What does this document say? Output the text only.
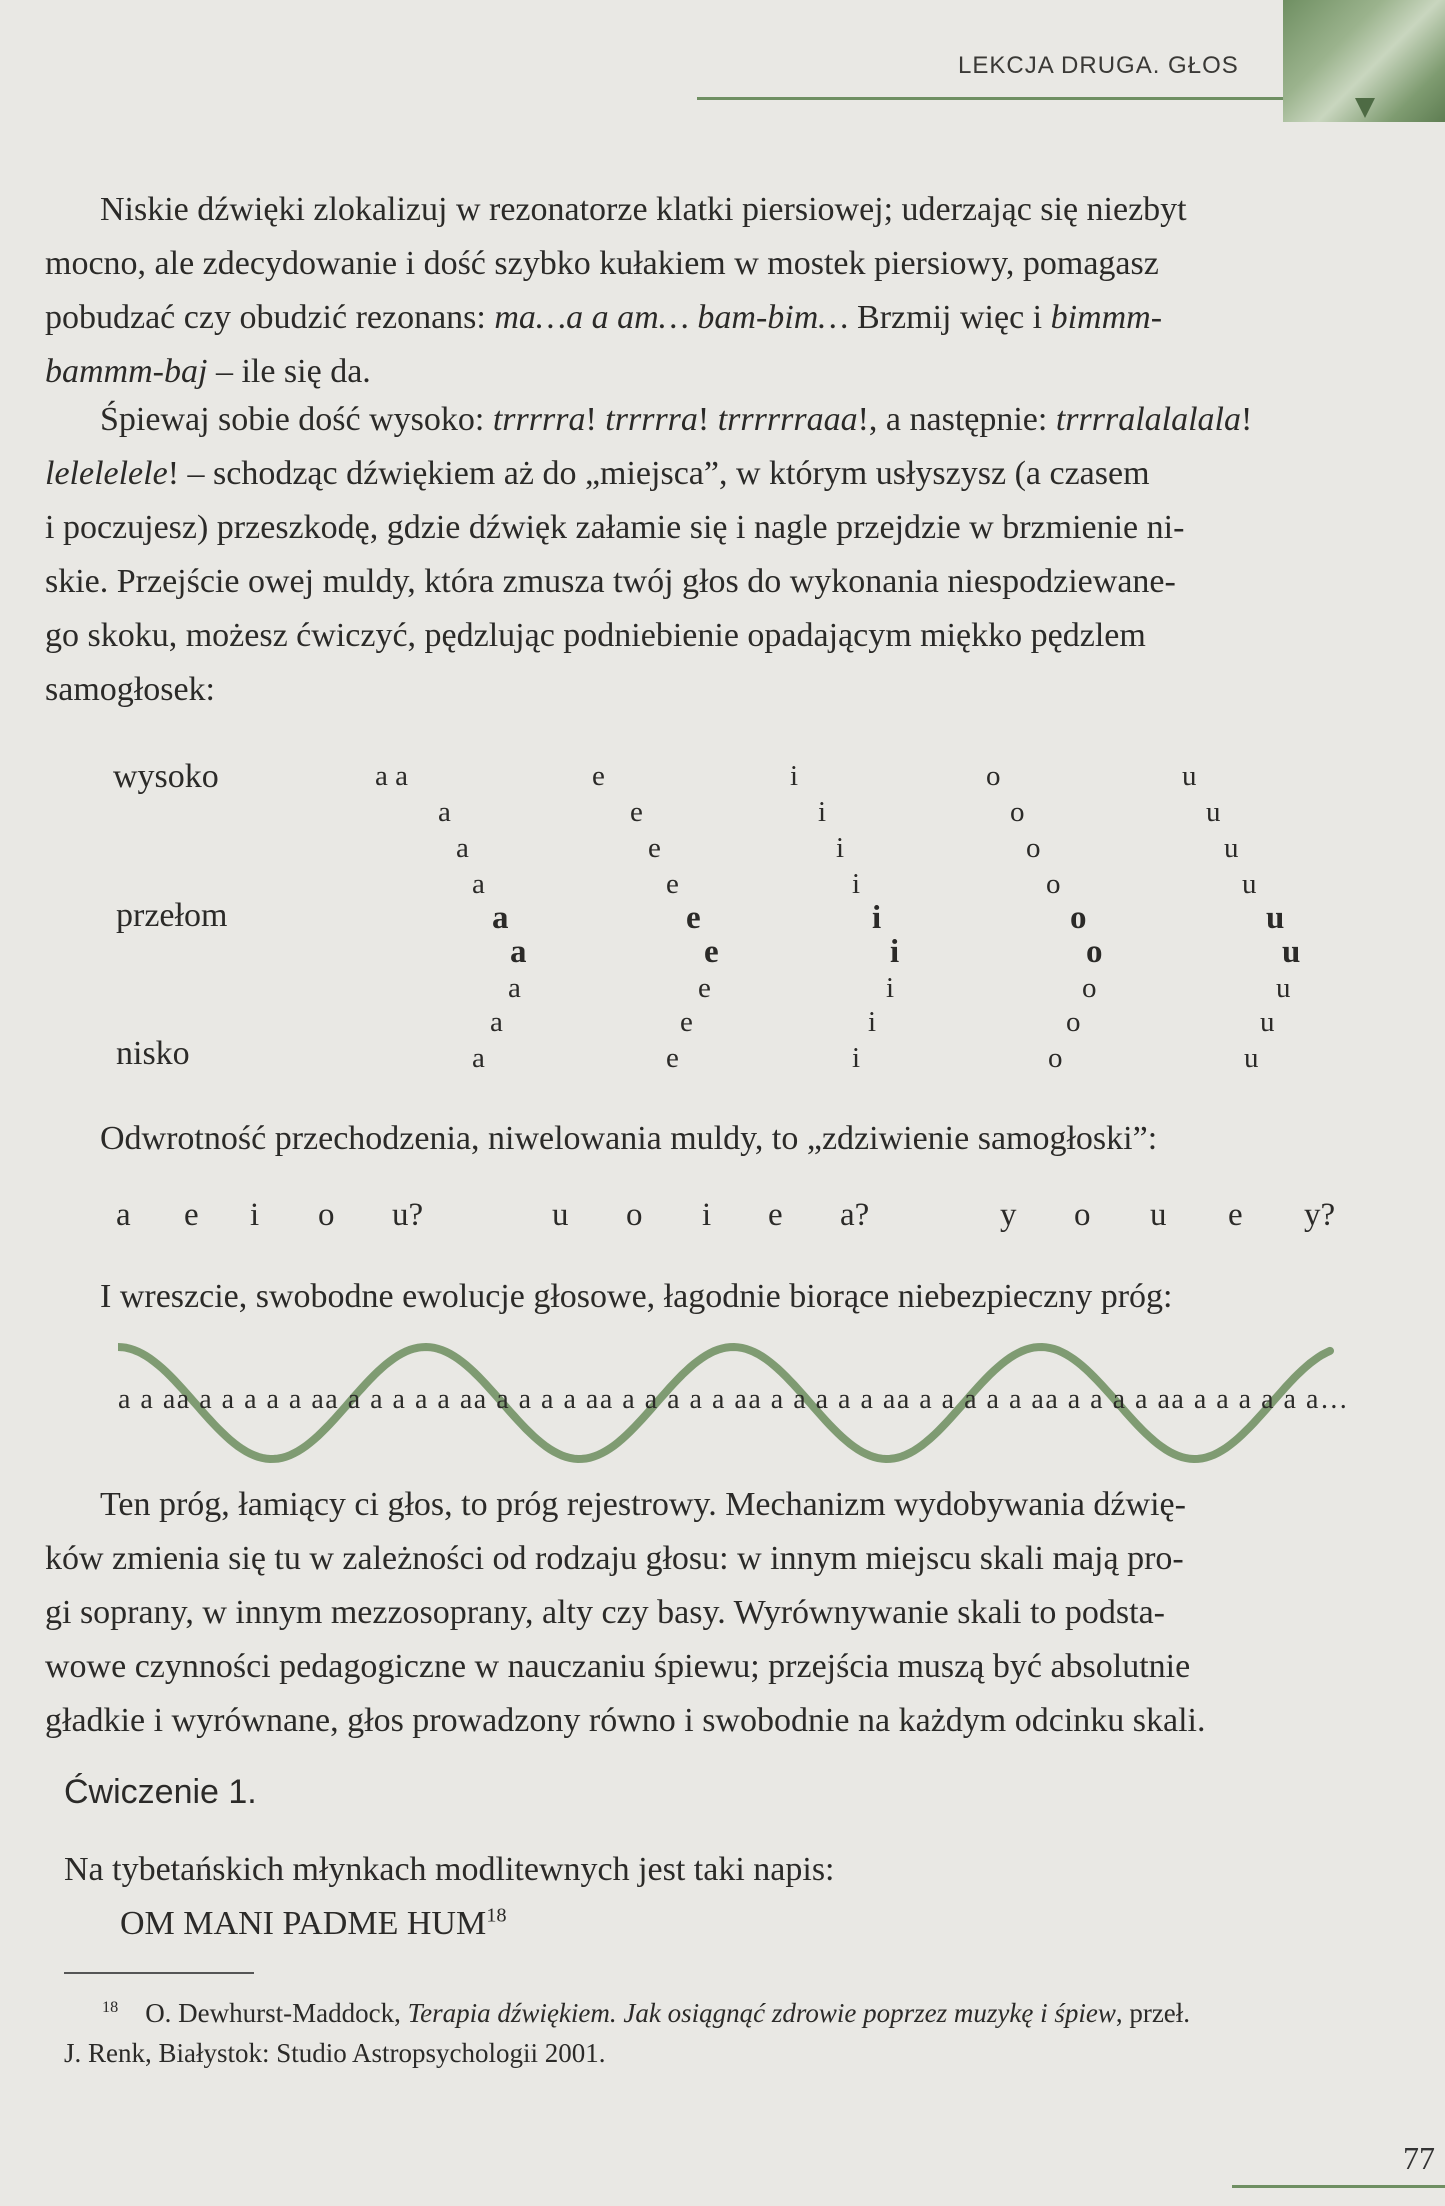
LEKCJA DRUGA. GŁOS

Niskie dźwięki zlokalizuj w rezonatorze klatki piersiowej; uderzając się niezbyt
mocno, ale zdecydowanie i dość szybko kułakiem w mostek piersiowy, pomagasz
pobudzać czy obudzić rezonans: ma…a a am… bam-bim… Brzmij więc i bimmm-
bammm-baj – ile się da.

Śpiewaj sobie dość wysoko: trrrrra! trrrrra! trrrrrraaa!, a następnie: trrrralalalala!
lelelelele! – schodząc dźwiękiem aż do „miejsca”, w którym usłyszysz (a czasem
i poczujesz) przeszkodę, gdzie dźwięk załamie się i nagle przejdzie w brzmienie ni-
skie. Przejście owej muldy, która zmusza twój głos do wykonania niespodziewane-
go skoku, możesz ćwiczyć, pędzlując podniebienie opadającym miękko pędzlem
samogłosek:

wysoko
przełom
nisko
a a
a
a
a
a
a
a
a
a
e
e
e
e
e
e
e
e
e
i
i
i
i
i
i
i
i
i
o
o
o
o
o
o
o
o
o
u
u
u
u
u
u
u
u
u
Odwrotność przechodzenia, niwelowania muldy, to „zdziwienie samogłoski”:
a e i o u?	u o i e a?	y o u e y?
I wreszcie, swobodne ewolucje głosowe, łagodnie biorące niebezpieczny próg:
a a aa a a a a a aa a a a a a aa a a a a aa a a a a a aa a a a a a aa a a a a a aa a a a a aa a a a a a a…

Ten próg, łamiący ci głos, to próg rejestrowy. Mechanizm wydobywania dźwię-
ków zmienia się tu w zależności od rodzaju głosu: w innym miejscu skali mają pro-
gi soprany, w innym mezzosoprany, alty czy basy. Wyrównywanie skali to podsta-
wowe czynności pedagogiczne w nauczaniu śpiewu; przejścia muszą być absolutnie
gładkie i wyrównane, głos prowadzony równo i swobodnie na każdym odcinku skali.

Ćwiczenie 1.
Na tybetańskich młynkach modlitewnych jest taki napis:
OM MANI PADME HUM$^{18}$
$^{18}$ O. Dewhurst-Maddock, Terapia dźwiękiem. Jak osiągnąć zdrowie poprzez muzykę i śpiew, przeł.
J. Renk, Białystok: Studio Astropsychologii 2001.
77
